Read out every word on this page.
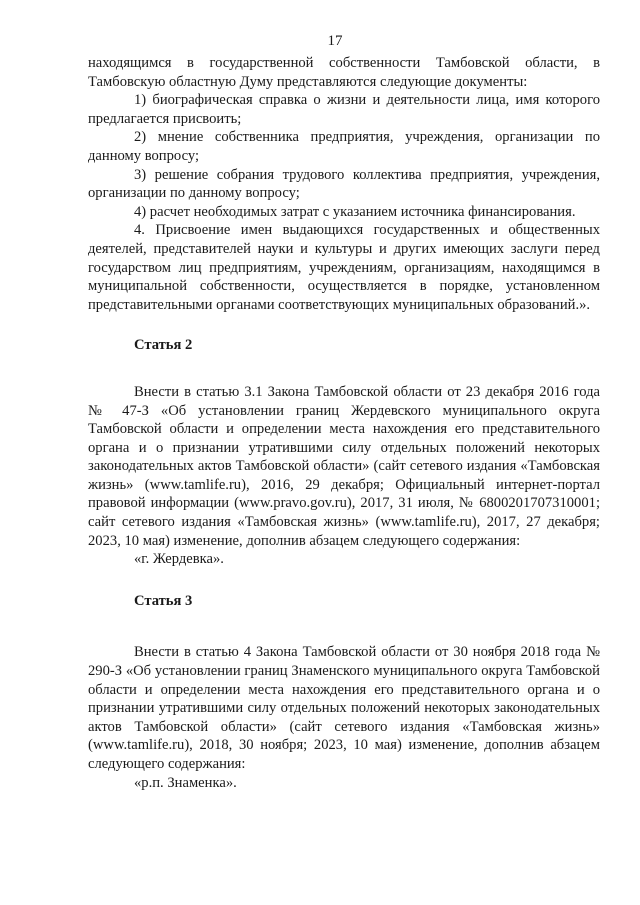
17

находящимся в государственной собственности Тамбовской области, в Тамбовскую областную Думу представляются следующие документы:

1) биографическая справка о жизни и деятельности лица, имя которого предлагается присвоить;

2) мнение собственника предприятия, учреждения, организации по данному вопросу;

3) решение собрания трудового коллектива предприятия, учреждения, организации по данному вопросу;

4) расчет необходимых затрат с указанием источника финансирования.

4. Присвоение имен выдающихся государственных и общественных деятелей, представителей науки и культуры и других имеющих заслуги перед государством лиц предприятиям, учреждениям, организациям, находящимся в муниципальной собственности, осуществляется в порядке, установленном представительными органами соответствующих муниципальных образований.».

Статья 2

Внести в статью 3.1 Закона Тамбовской области от 23 декабря 2016 года № 47-З «Об установлении границ Жердевского муниципального округа Тамбовской области и определении места нахождения его представительного органа и о признании утратившими силу отдельных положений некоторых законодательных актов Тамбовской области» (сайт сетевого издания «Тамбовская жизнь» (www.tamlife.ru), 2016, 29 декабря; Официальный интернет-портал правовой информации (www.pravo.gov.ru), 2017, 31 июля, № 6800201707310001; сайт сетевого издания «Тамбовская жизнь» (www.tamlife.ru), 2017, 27 декабря; 2023, 10 мая) изменение, дополнив абзацем следующего содержания:

«г. Жердевка».

Статья 3

Внести в статью 4 Закона Тамбовской области от 30 ноября 2018 года № 290-З «Об установлении границ Знаменского муниципального округа Тамбовской области и определении места нахождения его представительного органа и о признании утратившими силу отдельных положений некоторых законодательных актов Тамбовской области» (сайт сетевого издания «Тамбовская жизнь» (www.tamlife.ru), 2018, 30 ноября; 2023, 10 мая) изменение, дополнив абзацем следующего содержания:

«р.п. Знаменка».
